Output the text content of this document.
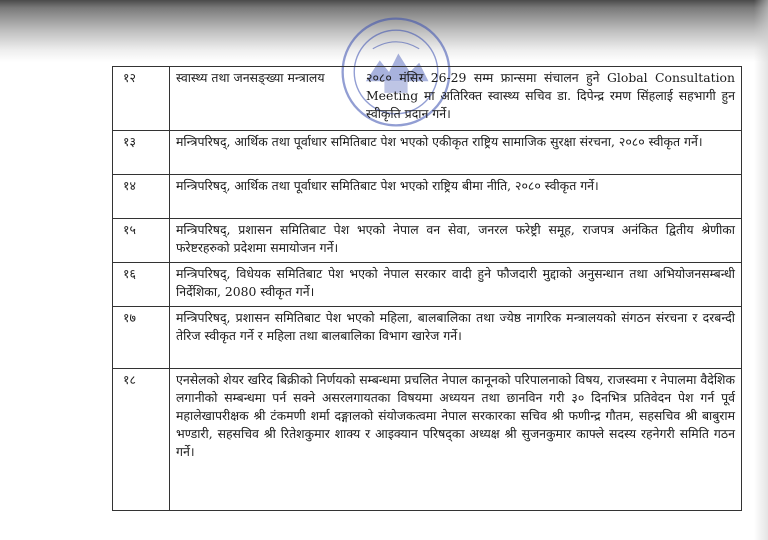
१२	स्वास्थ्य तथा जनसङ्ख्या मन्त्रालय २०८० मंसिर 26-29 सम्म फ्रान्समा संचालन हुने Global Consultation Meeting मा अतिरिक्त स्वास्थ्य सचिव डा. दिपेन्द्र रमण सिंहलाई सहभागी हुन स्वीकृति प्रदान गर्ने।

१३	मन्त्रिपरिषद्, आर्थिक तथा पूर्वाधार समितिबाट पेश भएको एकीकृत राष्ट्रिय सामाजिक सुरक्षा संरचना, २०८० स्वीकृत गर्ने।
१४	मन्त्रिपरिषद्, आर्थिक तथा पूर्वाधार समितिबाट पेश भएको राष्ट्रिय बीमा नीति, २०८० स्वीकृत गर्ने।
१५	मन्त्रिपरिषद्, प्रशासन समितिबाट पेश भएको नेपाल वन सेवा, जनरल फरेष्ट्री समूह, राजपत्र अनंकित द्वितीय श्रेणीका फरेष्टरहरुको प्रदेशमा समायोजन गर्ने।
१६	मन्त्रिपरिषद्, विधेयक समितिबाट पेश भएको नेपाल सरकार वादी हुने फौजदारी मुद्दाको अनुसन्धान तथा अभियोजनसम्बन्धी निर्देशिका, 2080 स्वीकृत गर्ने।
१७	मन्त्रिपरिषद्, प्रशासन समितिबाट पेश भएको महिला, बालबालिका तथा ज्येष्ठ नागरिक मन्त्रालयको संगठन संरचना र दरबन्दी तेरिज स्वीकृत गर्ने र महिला तथा बालबालिका विभाग खारेज गर्ने।
१८	एनसेलको शेयर खरिद बिक्रीको निर्णयको सम्बन्धमा प्रचलित नेपाल कानूनको परिपालनाको विषय, राजस्वमा र नेपालमा वैदेशिक लगानीको सम्बन्धमा पर्न सक्ने असरलगायतका विषयमा अध्ययन तथा छानविन गरी ३० दिनभित्र प्रतिवेदन पेश गर्न पूर्व महालेखापरीक्षक श्री टंकमणी शर्मा दङ्गालको संयोजकत्वमा नेपाल सरकारका सचिव श्री फणीन्द्र गौतम, सहसचिव श्री बाबुराम भण्डारी, सहसचिव श्री रितेशकुमार शाक्य र आइक्यान परिषद्का अध्यक्ष श्री सुजनकुमार काफ्ले सदस्य रहनेगरी समिति गठन गर्ने।
